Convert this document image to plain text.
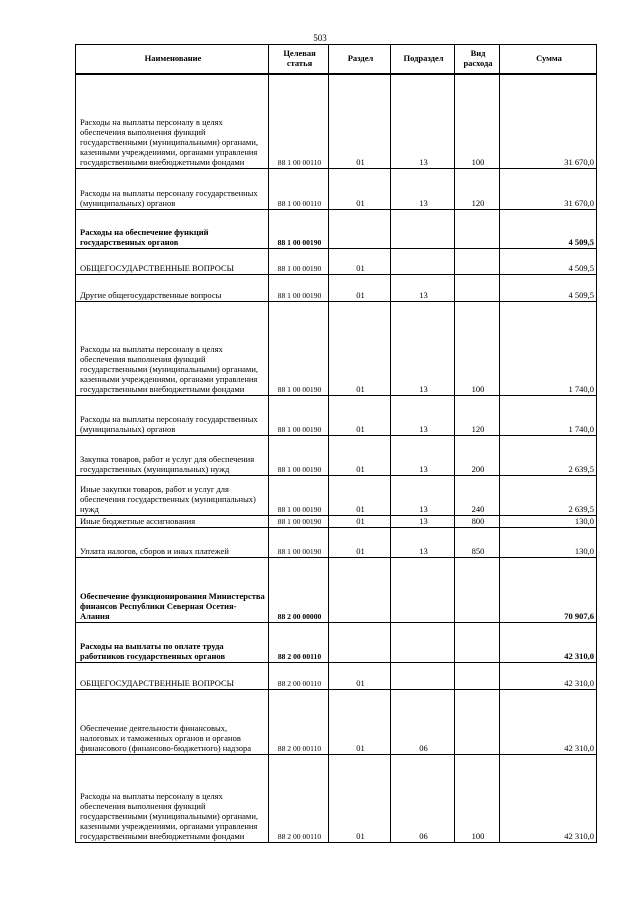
503
Наименование	Целевая статья	Раздел	Подраздел	Вид расхода	Сумма
Расходы на выплаты персоналу в целях обеспечения выполнения функций государственными (муниципальными) органами, казенными учреждениями, органами управления государственными внебюджетными фондами	88 1 00 00110	01	13	100	31 670,0
Расходы на выплаты персоналу государственных (муниципальных) органов	88 1 00 00110	01	13	120	31 670,0
Расходы на обеспечение функций государственных органов	88 1 00 00190				4 509,5
ОБЩЕГОСУДАРСТВЕННЫЕ ВОПРОСЫ	88 1 00 00190	01			4 509,5
Другие общегосударственные вопросы	88 1 00 00190	01	13		4 509,5
Расходы на выплаты персоналу в целях обеспечения выполнения функций государственными (муниципальными) органами, казенными учреждениями, органами управления государственными внебюджетными фондами	88 1 00 00190	01	13	100	1 740,0
Расходы на выплаты персоналу государственных (муниципальных) органов	88 1 00 00190	01	13	120	1 740,0
Закупка товаров, работ и услуг для обеспечения государственных (муниципальных) нужд	88 1 00 00190	01	13	200	2 639,5
Иные закупки товаров, работ и услуг для обеспечения государственных (муниципальных) нужд	88 1 00 00190	01	13	240	2 639,5
Иные бюджетные ассигнования	88 1 00 00190	01	13	800	130,0
Уплата налогов, сборов и иных платежей	88 1 00 00190	01	13	850	130,0
Обеспечение функционирования Министерства финансов Республики Северная Осетия-Алания	88 2 00 00000				70 907,6
Расходы на выплаты по оплате труда работников государственных органов	88 2 00 00110				42 310,0
ОБЩЕГОСУДАРСТВЕННЫЕ ВОПРОСЫ	88 2 00 00110	01			42 310,0
Обеспечение деятельности финансовых, налоговых и таможенных органов и органов финансового (финансово-бюджетного) надзора	88 2 00 00110	01	06		42 310,0
Расходы на выплаты персоналу в целях обеспечения выполнения функций государственными (муниципальными) органами, казенными учреждениями, органами управления государственными внебюджетными фондами	88 2 00 00110	01	06	100	42 310,0
